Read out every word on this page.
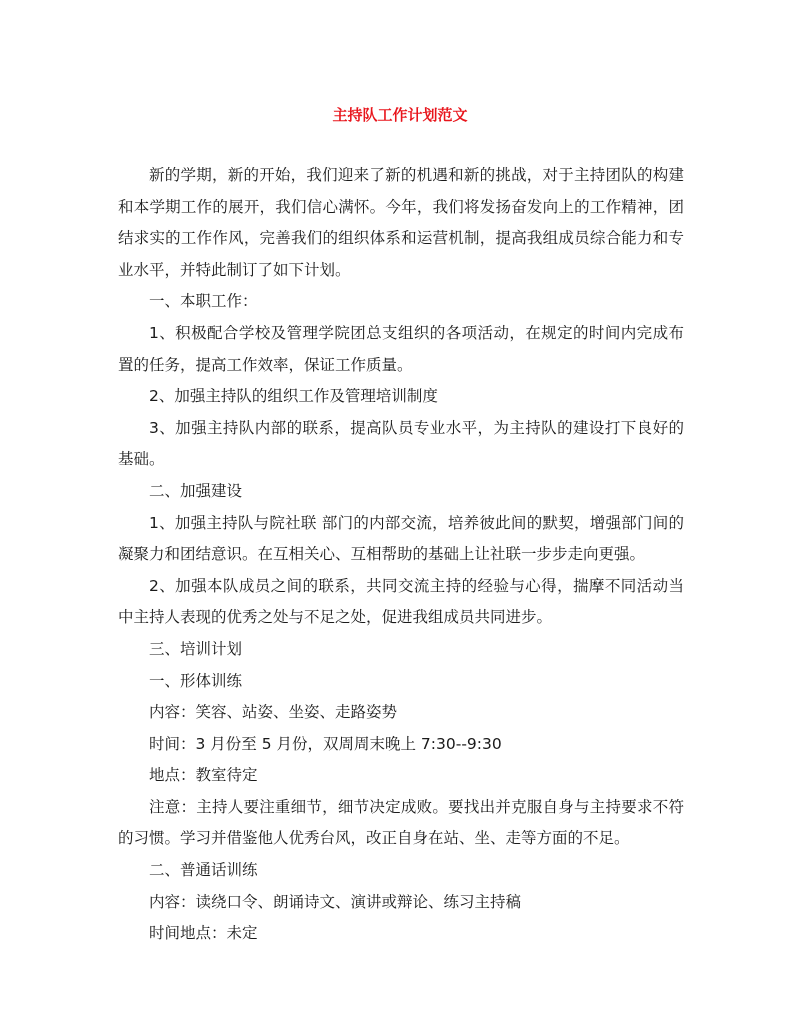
主持队工作计划范文

新的学期，新的开始，我们迎来了新的机遇和新的挑战，对于主持团队的构建和本学期工作的展开，我们信心满怀。今年，我们将发扬奋发向上的工作精神，团结求实的工作作风，完善我们的组织体系和运营机制，提高我组成员综合能力和专业水平，并特此制订了如下计划。

一、本职工作：

1、积极配合学校及管理学院团总支组织的各项活动，在规定的时间内完成布置的任务，提高工作效率，保证工作质量。

2、加强主持队的组织工作及管理培训制度

3、加强主持队内部的联系，提高队员专业水平，为主持队的建设打下良好的基础。

二、加强建设

1、加强主持队与院社联 部门的内部交流，培养彼此间的默契，增强部门间的凝聚力和团结意识。在互相关心、互相帮助的基础上让社联一步步走向更强。

2、加强本队成员之间的联系，共同交流主持的经验与心得，揣摩不同活动当中主持人表现的优秀之处与不足之处，促进我组成员共同进步。

三、培训计划

一、形体训练

内容：笑容、站姿、坐姿、走路姿势

时间：3 月份至 5 月份，双周周末晚上 7:30--9:30

地点：教室待定

注意：主持人要注重细节，细节决定成败。要找出并克服自身与主持要求不符的习惯。学习并借鉴他人优秀台风，改正自身在站、坐、走等方面的不足。

二、普通话训练

内容：读绕口令、朗诵诗文、演讲或辩论、练习主持稿

时间地点：未定
